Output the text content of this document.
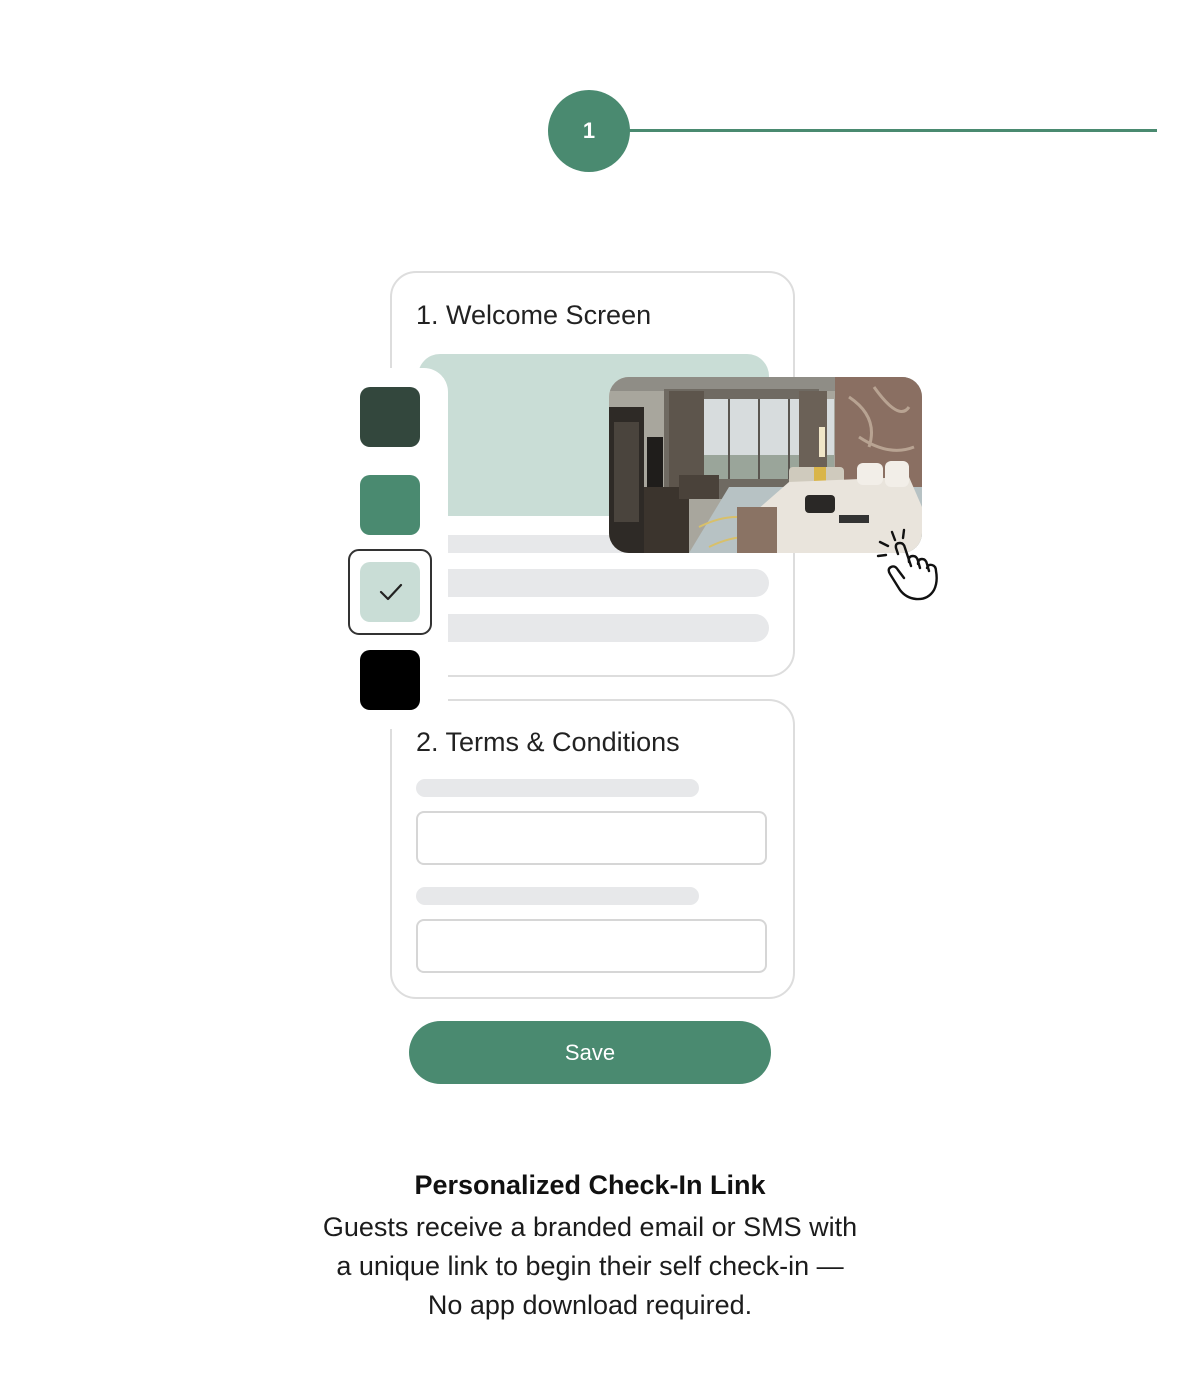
1
1. Welcome Screen
2. Terms & Conditions
Save
Personalized Check-In Link
Guests receive a branded email or SMS with
a unique link to begin their self check-in —
No app download required.
